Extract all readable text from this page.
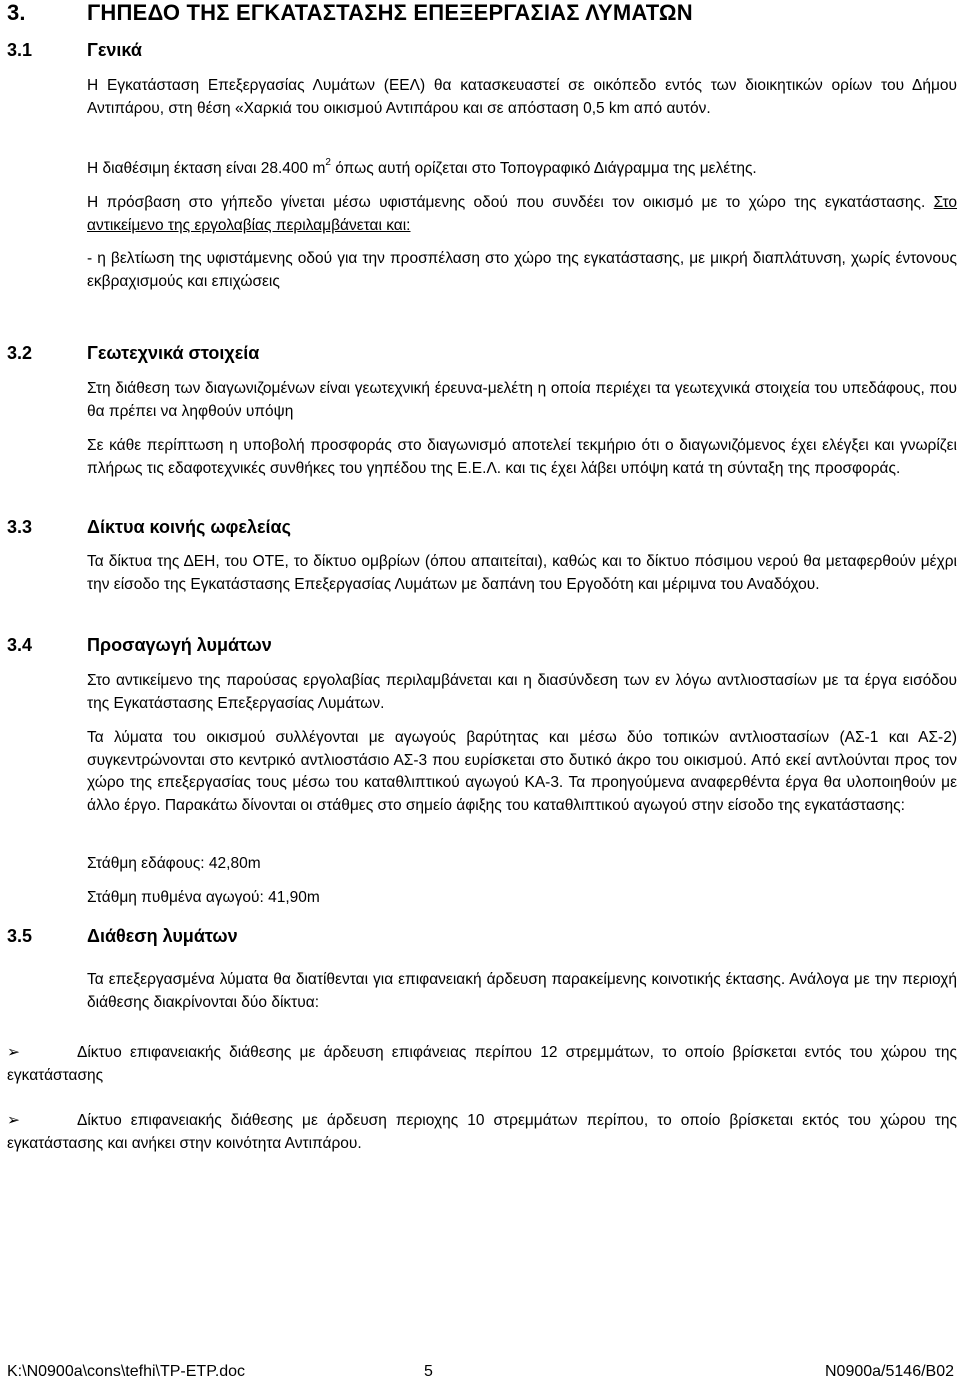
3.	ΓΗΠΕΔΟ ΤΗΣ ΕΓΚΑΤΑΣΤΑΣΗΣ ΕΠΕΞΕΡΓΑΣΙΑΣ ΛΥΜΑΤΩΝ
3.1	Γενικά
Η Εγκατάσταση Επεξεργασίας Λυμάτων (ΕΕΛ) θα κατασκευαστεί σε οικόπεδο εντός των διοικητικών ορίων του Δήμου Αντιπάρου, στη θέση «Χαρκιά του οικισμού Αντιπάρου και σε απόσταση 0,5 km από αυτόν.
Η διαθέσιμη έκταση είναι 28.400 $m^2$ όπως αυτή ορίζεται στο Τοπογραφικό Διάγραμμα της μελέτης.
Η πρόσβαση στο γήπεδο γίνεται μέσω υφιστάμενης οδού που συνδέει τον οικισμό με το χώρο της εγκατάστασης. Στο αντικείμενο της εργολαβίας περιλαμβάνεται και:
- η βελτίωση της υφιστάμενης οδού για την προσπέλαση στο χώρο της εγκατάστασης, με μικρή διαπλάτυνση, χωρίς έντονους εκβραχισμούς και επιχώσεις
3.2	Γεωτεχνικά στοιχεία
Στη διάθεση των διαγωνιζομένων είναι γεωτεχνική έρευνα-μελέτη η οποία περιέχει τα γεωτεχνικά στοιχεία του υπεδάφους, που θα πρέπει να ληφθούν υπόψη
Σε κάθε περίπτωση η υποβολή προσφοράς στο διαγωνισμό αποτελεί τεκμήριο ότι ο διαγωνιζόμενος έχει ελέγξει και γνωρίζει πλήρως τις εδαφοτεχνικές συνθήκες του γηπέδου της Ε.Ε.Λ. και τις έχει λάβει υπόψη κατά τη σύνταξη της προσφοράς.
3.3	Δίκτυα κοινής ωφελείας
Τα δίκτυα της ΔΕΗ, του ΟΤΕ, το δίκτυο ομβρίων (όπου απαιτείται), καθώς και το δίκτυο πόσιμου νερού θα μεταφερθούν μέχρι την είσοδο της Εγκατάστασης Επεξεργασίας Λυμάτων με δαπάνη του Εργοδότη και μέριμνα του Αναδόχου.
3.4	Προσαγωγή λυμάτων
Στο αντικείμενο της παρούσας εργολαβίας περιλαμβάνεται και η διασύνδεση των εν λόγω αντλιοστασίων με τα έργα εισόδου της Εγκατάστασης Επεξεργασίας Λυμάτων.
Τα λύματα του οικισμού συλλέγονται με αγωγούς βαρύτητας και μέσω δύο τοπικών αντλιοστασίων (ΑΣ-1 και ΑΣ-2) συγκεντρώνονται στο κεντρικό αντλιοστάσιο ΑΣ-3 που ευρίσκεται στο δυτικό άκρο του οικισμού. Από εκεί αντλούνται προς τον χώρο της επεξεργασίας τους μέσω του καταθλιπτικού αγωγού ΚΑ-3. Τα προηγούμενα αναφερθέντα έργα θα υλοποιηθούν με άλλο έργο. Παρακάτω δίνονται οι στάθμες στο σημείο άφιξης του καταθλιπτικού αγωγού στην είσοδο της εγκατάστασης:
Στάθμη εδάφους: 42,80m
Στάθμη πυθμένα αγωγού: 41,90m
3.5	Διάθεση λυμάτων
Τα επεξεργασμένα λύματα θα διατίθενται για επιφανειακή άρδευση παρακείμενης κοινοτικής έκτασης. Ανάλογα με την περιοχή διάθεσης διακρίνονται δύο δίκτυα:
➢	Δίκτυο επιφανειακής διάθεσης με άρδευση επιφάνειας περίπου 12 στρεμμάτων, το οποίο βρίσκεται εντός του χώρου της εγκατάστασης
➢	Δίκτυο επιφανειακής διάθεσης με άρδευση περιοχης 10 στρεμμάτων περίπου, το οποίο βρίσκεται εκτός του χώρου της εγκατάστασης και ανήκει στην κοινότητα Αντιπάρου.
K:\N0900a\cons\tefhi\TP-ETP.doc	5	N0900a/5146/B02
